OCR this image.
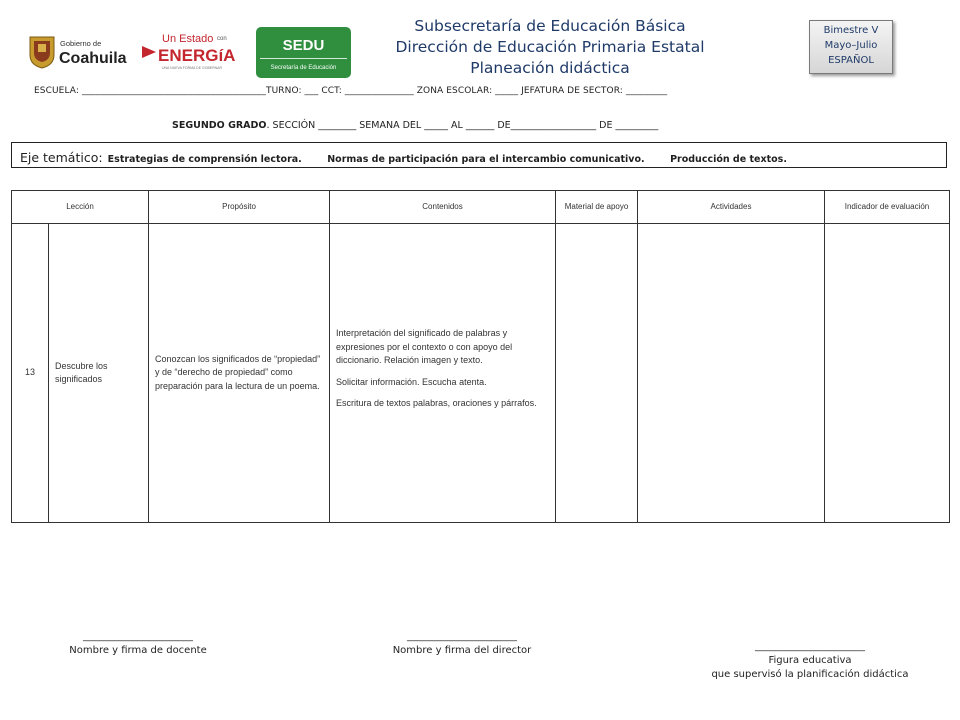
Gobierno de
Coahuila
Un Estado con
ENERGíA
UNA NUEVA FORMA DE GOBERNAR
SEDU
Secretaría de Educación
Subsecretaría de Educación Básica
Dirección de Educación Primaria Estatal
Planeación didáctica
Bimestre V
Mayo–Julio
ESPAÑOL
ESCUELA: ________________________________________TURNO: ___ CCT: _______________ ZONA ESCOLAR: _____ JEFATURA DE SECTOR: _________
SEGUNDO GRADO. SECCIÓN ________ SEMANA DEL _____ AL ______ DE__________________ DE _________
Eje temático: Estrategias de comprensión lectora.	Normas de participación para el intercambio comunicativo.	Producción de textos.
Lección		Propósito	Contenidos	Material de apoyo	Actividades	Indicador de evaluación
13	Descubre los significados	Conozcan los significados de “propiedad” y de “derecho de propiedad” como preparación para la lectura de un poema.	Interpretación del significado de palabras y expresiones por el contexto o con apoyo del diccionario. Relación imagen y texto.

Solicitar información. Escucha atenta.

Escritura de textos palabras, oraciones y párrafos.			

______________________
Nombre y firma de docente
______________________
Nombre y firma del director	______________________
Figura educativa
que supervisó la planificación didáctica
